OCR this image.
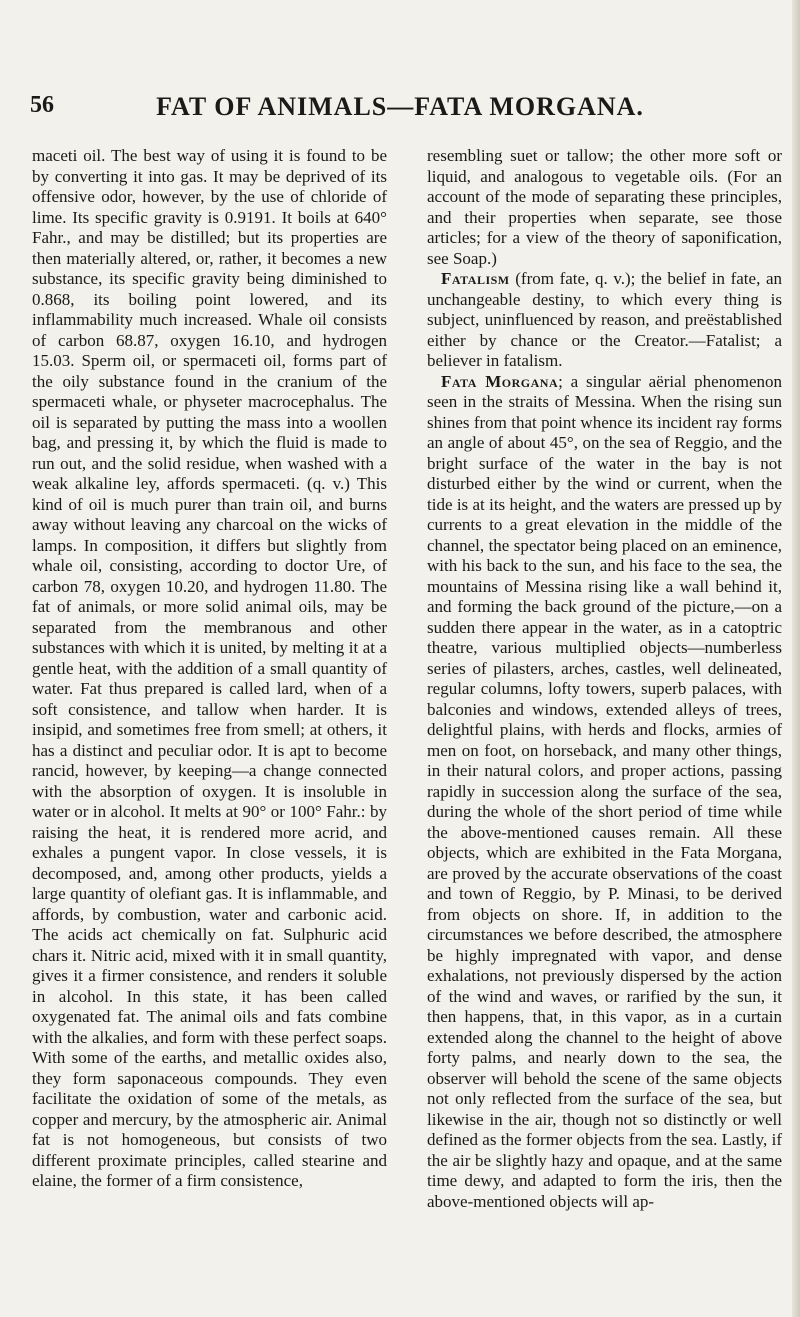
56	FAT OF ANIMALS—FATA MORGANA.

maceti oil. The best way of using it is found to be by converting it into gas. It may be deprived of its offensive odor, however, by the use of chloride of lime. Its specific gravity is 0.9191. It boils at 640° Fahr., and may be distilled; but its properties are then materially altered, or, rather, it becomes a new substance, its specific gravity being diminished to 0.868, its boiling point lowered, and its inflammability much increased. Whale oil consists of carbon 68.87, oxygen 16.10, and hydrogen 15.03. Sperm oil, or spermaceti oil, forms part of the oily substance found in the cranium of the spermaceti whale, or physeter macrocephalus. The oil is separated by putting the mass into a woollen bag, and pressing it, by which the fluid is made to run out, and the solid residue, when washed with a weak alkaline ley, affords spermaceti. (q. v.) This kind of oil is much purer than train oil, and burns away without leaving any charcoal on the wicks of lamps. In composition, it differs but slightly from whale oil, consisting, according to doctor Ure, of carbon 78, oxygen 10.20, and hydrogen 11.80. The fat of animals, or more solid animal oils, may be separated from the membranous and other substances with which it is united, by melting it at a gentle heat, with the addition of a small quantity of water. Fat thus prepared is called lard, when of a soft consistence, and tallow when harder. It is insipid, and sometimes free from smell; at others, it has a distinct and peculiar odor. It is apt to become rancid, however, by keeping—a change connected with the absorption of oxygen. It is insoluble in water or in alcohol. It melts at 90° or 100° Fahr.: by raising the heat, it is rendered more acrid, and exhales a pungent vapor. In close vessels, it is decomposed, and, among other products, yields a large quantity of olefiant gas. It is inflammable, and affords, by combustion, water and carbonic acid. The acids act chemically on fat. Sulphuric acid chars it. Nitric acid, mixed with it in small quantity, gives it a firmer consistence, and renders it soluble in alcohol. In this state, it has been called oxygenated fat. The animal oils and fats combine with the alkalies, and form with these perfect soaps. With some of the earths, and metallic oxides also, they form saponaceous compounds. They even facilitate the oxidation of some of the metals, as copper and mercury, by the atmospheric air. Animal fat is not homogeneous, but consists of two different proximate principles, called stearine and elaine, the former of a firm consistence,

resembling suet or tallow; the other more soft or liquid, and analogous to vegetable oils. (For an account of the mode of separating these principles, and their properties when separate, see those articles; for a view of the theory of saponification, see Soap.)

Fatalism (from fate, q. v.); the belief in fate, an unchangeable destiny, to which every thing is subject, uninfluenced by reason, and preëstablished either by chance or the Creator.—Fatalist; a believer in fatalism.

Fata Morgana; a singular aërial phenomenon seen in the straits of Messina. When the rising sun shines from that point whence its incident ray forms an angle of about 45°, on the sea of Reggio, and the bright surface of the water in the bay is not disturbed either by the wind or current, when the tide is at its height, and the waters are pressed up by currents to a great elevation in the middle of the channel, the spectator being placed on an eminence, with his back to the sun, and his face to the sea, the mountains of Messina rising like a wall behind it, and forming the back ground of the picture,—on a sudden there appear in the water, as in a catoptric theatre, various multiplied objects—numberless series of pilasters, arches, castles, well delineated, regular columns, lofty towers, superb palaces, with balconies and windows, extended alleys of trees, delightful plains, with herds and flocks, armies of men on foot, on horseback, and many other things, in their natural colors, and proper actions, passing rapidly in succession along the surface of the sea, during the whole of the short period of time while the above-mentioned causes remain. All these objects, which are exhibited in the Fata Morgana, are proved by the accurate observations of the coast and town of Reggio, by P. Minasi, to be derived from objects on shore. If, in addition to the circumstances we before described, the atmosphere be highly impregnated with vapor, and dense exhalations, not previously dispersed by the action of the wind and waves, or rarified by the sun, it then happens, that, in this vapor, as in a curtain extended along the channel to the height of above forty palms, and nearly down to the sea, the observer will behold the scene of the same objects not only reflected from the surface of the sea, but likewise in the air, though not so distinctly or well defined as the former objects from the sea. Lastly, if the air be slightly hazy and opaque, and at the same time dewy, and adapted to form the iris, then the above-mentioned objects will ap-
